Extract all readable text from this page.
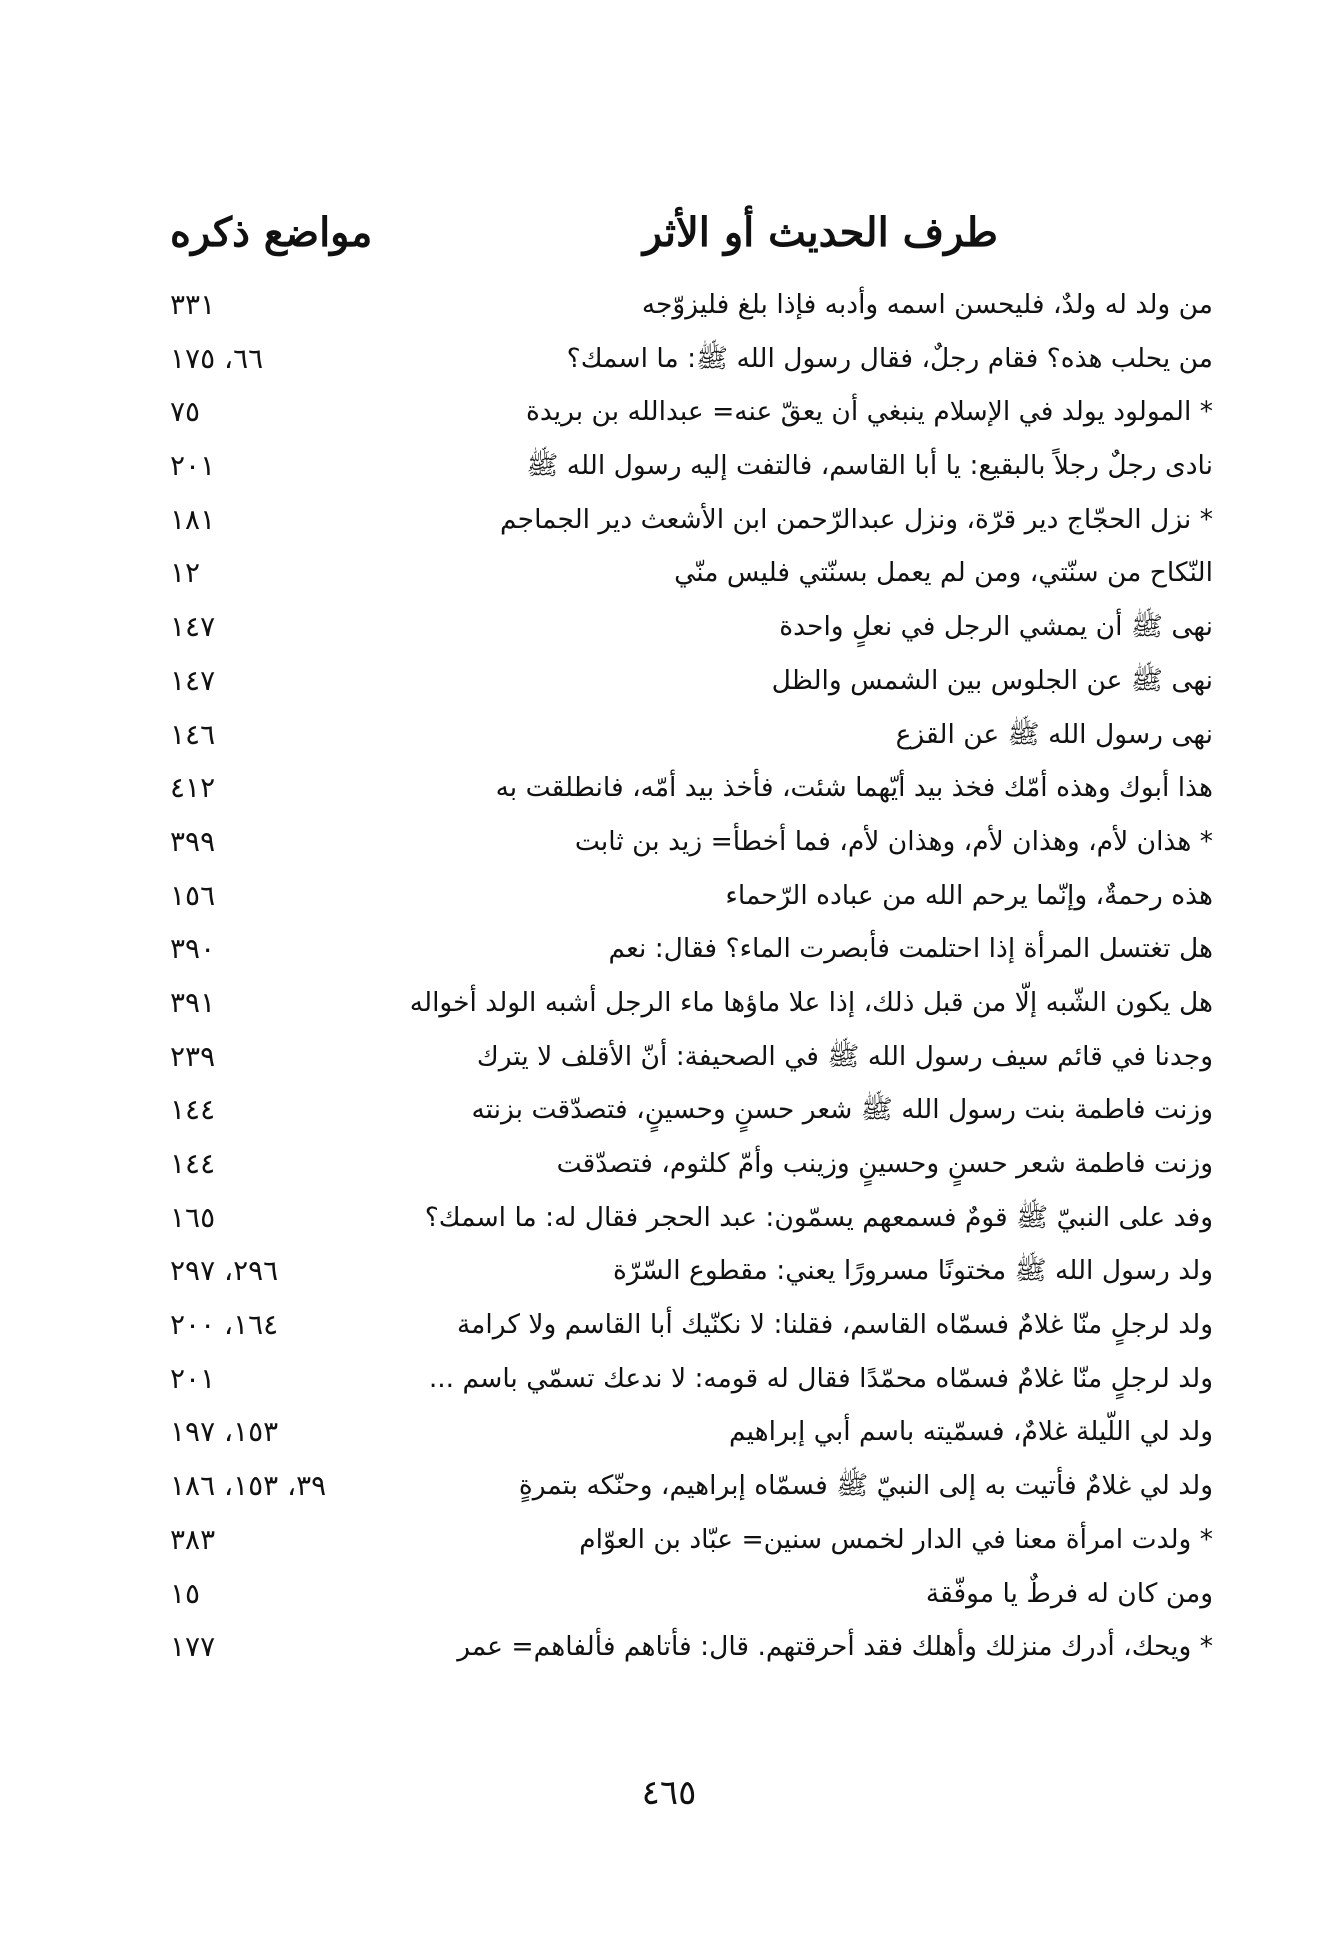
طرف الحديث أو الأثر
مواضع ذكره
من ولد له ولدٌ، فليحسن اسمه وأدبه فإذا بلغ فليزوّجه
٣٣١
من يحلب هذه؟ فقام رجلٌ، فقال رسول الله ﷺ: ما اسمك؟
٦٦، ١٧٥
* المولود يولد في الإسلام ينبغي أن يعقّ عنه= عبدالله بن بريدة
٧٥
نادى رجلٌ رجلاً بالبقيع: يا أبا القاسم، فالتفت إليه رسول الله ﷺ
٢٠١
* نزل الحجّاج دير قرّة، ونزل عبدالرّحمن ابن الأشعث دير الجماجم
١٨١
النّكاح من سنّتي، ومن لم يعمل بسنّتي فليس منّي
١٢
نهى ﷺ أن يمشي الرجل في نعلٍ واحدة
١٤٧
نهى ﷺ عن الجلوس بين الشمس والظل
١٤٧
نهى رسول الله ﷺ عن القزع
١٤٦
هذا أبوك وهذه أمّك فخذ بيد أيّهما شئت، فأخذ بيد أمّه، فانطلقت به
٤١٢
* هذان لأم، وهذان لأم، وهذان لأم، فما أخطأ= زيد بن ثابت
٣٩٩
هذه رحمةٌ، وإنّما يرحم الله من عباده الرّحماء
١٥٦
هل تغتسل المرأة إذا احتلمت فأبصرت الماء؟ فقال: نعم
٣٩٠
هل يكون الشّبه إلّا من قبل ذلك، إذا علا ماؤها ماء الرجل أشبه الولد أخواله
٣٩١
وجدنا في قائم سيف رسول الله ﷺ في الصحيفة: أنّ الأقلف لا يترك
٢٣٩
وزنت فاطمة بنت رسول الله ﷺ شعر حسنٍ وحسينٍ، فتصدّقت بزنته
١٤٤
وزنت فاطمة شعر حسنٍ وحسينٍ وزينب وأمّ كلثوم، فتصدّقت
١٤٤
وفد على النبيّ ﷺ قومٌ فسمعهم يسمّون: عبد الحجر فقال له: ما اسمك؟
١٦٥
ولد رسول الله ﷺ مختونًا مسرورًا يعني: مقطوع السّرّة
٢٩٦، ٢٩٧
ولد لرجلٍ منّا غلامٌ فسمّاه القاسم، فقلنا: لا نكنّيك أبا القاسم ولا كرامة
١٦٤، ٢٠٠
ولد لرجلٍ منّا غلامٌ فسمّاه محمّدًا فقال له قومه: لا ندعك تسمّي باسم ...
٢٠١
ولد لي اللّيلة غلامٌ، فسمّيته باسم أبي إبراهيم
١٥٣، ١٩٧
ولد لي غلامٌ فأتيت به إلى النبيّ ﷺ فسمّاه إبراهيم، وحنّكه بتمرةٍ
٣٩، ١٥٣، ١٨٦
* ولدت امرأة معنا في الدار لخمس سنين= عبّاد بن العوّام
٣٨٣
ومن كان له فرطٌ يا موفّقة
١٥
* ويحك، أدرك منزلك وأهلك فقد أحرقتهم. قال: فأتاهم فألفاهم= عمر
١٧٧
٤٦٥
